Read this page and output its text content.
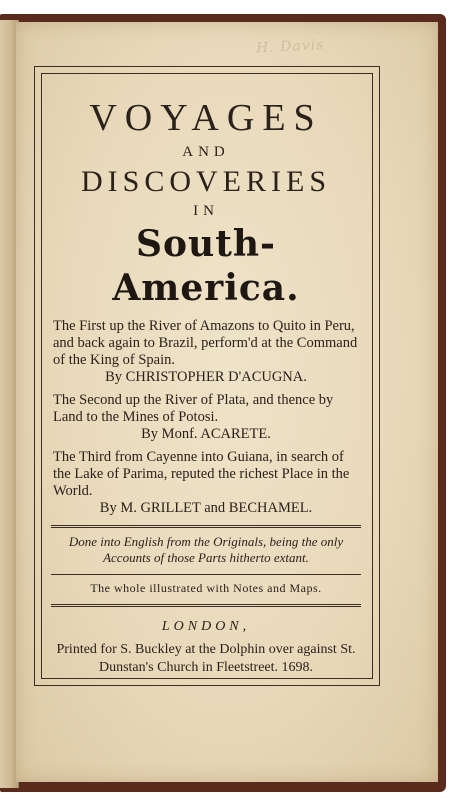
H. Davis
VOYAGES
AND
DISCOVERIES
IN
South-America.
The First up the River of Amazons to Quito in Peru, and back again to Brazil, perform'd at the Command of the King of Spain.
By CHRISTOPHER D'ACUGNA.
The Second up the River of Plata, and thence by Land to the Mines of Potosi.
By Monf. ACARETE.
The Third from Cayenne into Guiana, in search of the Lake of Parima, reputed the richest Place in the World.
By M. GRILLET and BECHAMEL.
Done into English from the Originals, being the only Accounts of those Parts hitherto extant.
The whole illustrated with Notes and Maps.
LONDON,
Printed for S. Buckley at the Dolphin over against St. Dunstan's Church in Fleetstreet. 1698.
